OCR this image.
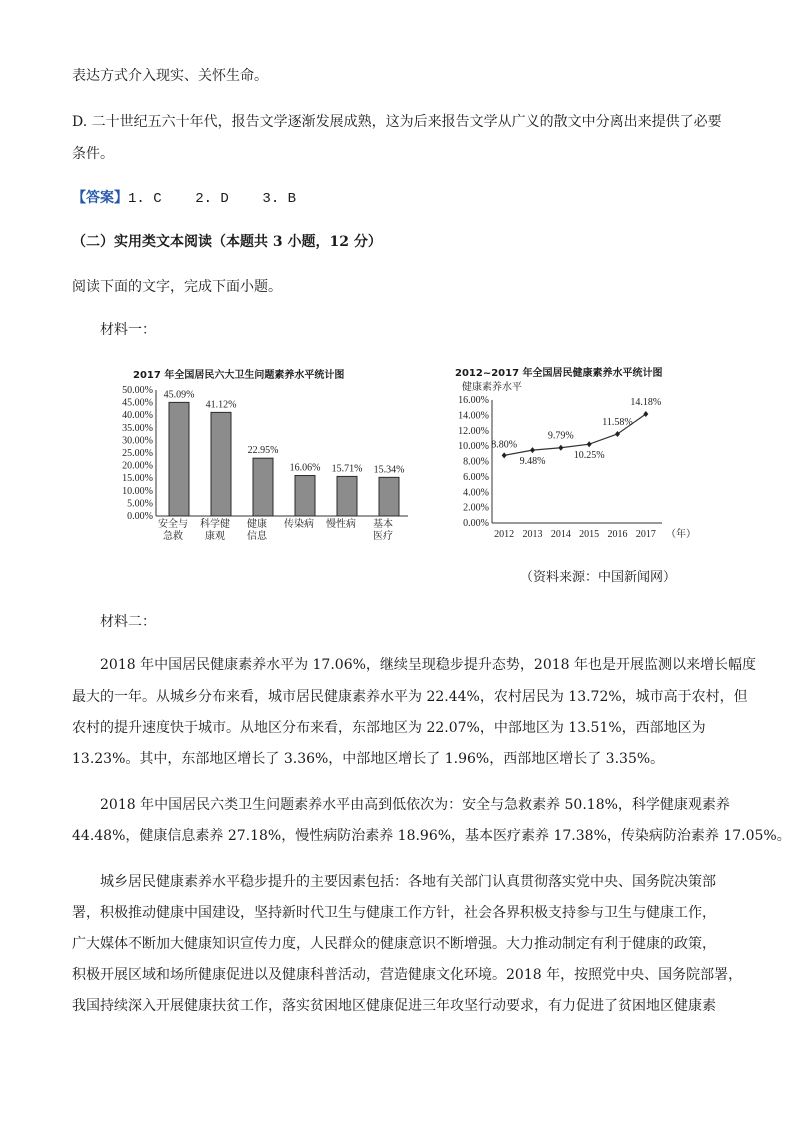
表达方式介入现实、关怀生命。
D. 二十世纪五六十年代，报告文学逐渐发展成熟，这为后来报告文学从广义的散文中分离出来提供了必要
条件。
【答案】1. C    2. D    3. B
（二）实用类文本阅读（本题共 3 小题，12 分）
阅读下面的文字，完成下面小题。
材料一：
2017 年全国居民六大卫生问题素养水平统计图
0.00%
5.00%
10.00%
15.00%
20.00%
25.00%
30.00%
35.00%
40.00%
45.00%
50.00% 45.09%
安全与
急救
41.12%
科学健
康观
22.95%
健康
信息
16.06%
传染病
15.71%
慢性病
15.34%
基本
医疗
2012~2017 年全国居民健康素养水平统计图
健康素养水平
0.00%
2.00%
4.00%
6.00%
8.00%
10.00%
12.00%
14.00%
16.00%
8.80%
2012
9.48%
2013
9.79%
2014
10.25%
2015
11.58%
2016
14.18%
2017 （年）
（资料来源：中国新闻网）
材料二：
2018 年中国居民健康素养水平为 17.06%，继续呈现稳步提升态势，2018 年也是开展监测以来增长幅度
最大的一年。从城乡分布来看，城市居民健康素养水平为 22.44%，农村居民为 13.72%，城市高于农村，但
农村的提升速度快于城市。从地区分布来看，东部地区为 22.07%，中部地区为 13.51%，西部地区为
13.23%。其中，东部地区增长了 3.36%，中部地区增长了 1.96%，西部地区增长了 3.35%。
2018 年中国居民六类卫生问题素养水平由高到低依次为：安全与急救素养 50.18%，科学健康观素养
44.48%，健康信息素养 27.18%，慢性病防治素养 18.96%，基本医疗素养 17.38%，传染病防治素养 17.05%。
城乡居民健康素养水平稳步提升的主要因素包括：各地有关部门认真贯彻落实党中央、国务院决策部
署，积极推动健康中国建设，坚持新时代卫生与健康工作方针，社会各界积极支持参与卫生与健康工作，
广大媒体不断加大健康知识宣传力度，人民群众的健康意识不断增强。大力推动制定有利于健康的政策，
积极开展区域和场所健康促进以及健康科普活动，营造健康文化环境。2018 年，按照党中央、国务院部署，
我国持续深入开展健康扶贫工作，落实贫困地区健康促进三年攻坚行动要求，有力促进了贫困地区健康素
